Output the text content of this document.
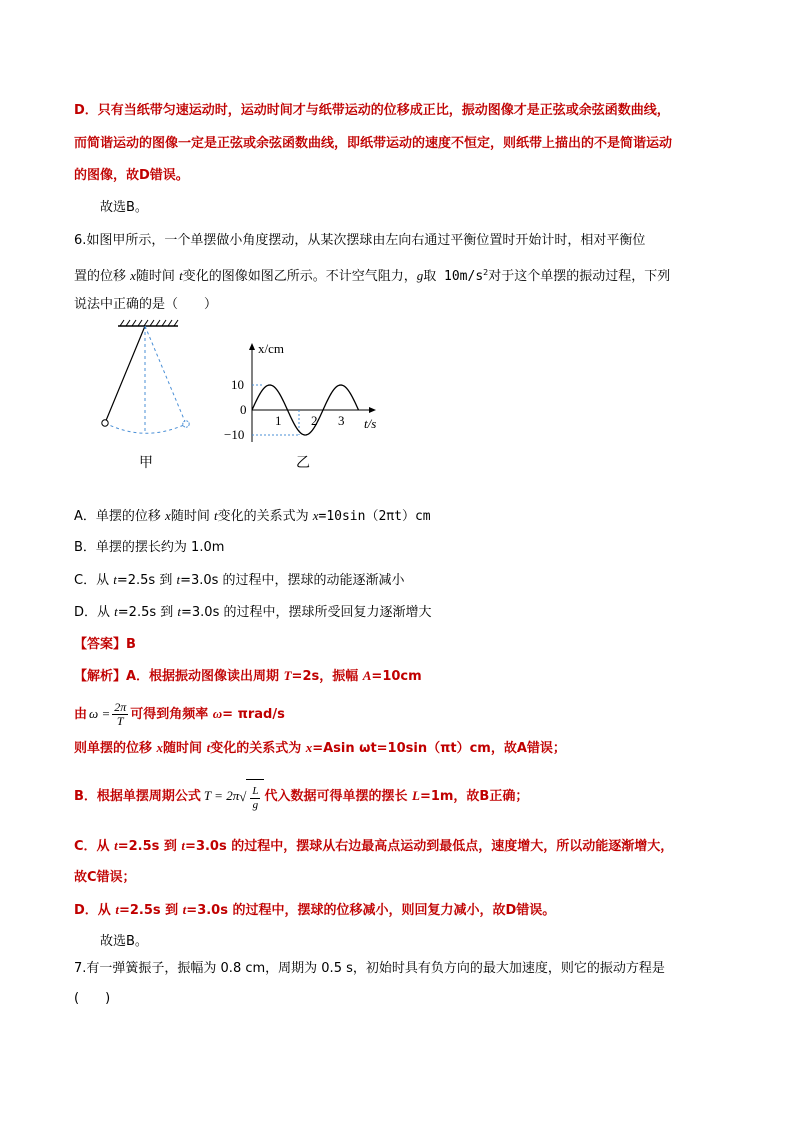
D．只有当纸带匀速运动时，运动时间才与纸带运动的位移成正比，振动图像才是正弦或余弦函数曲线，
而简谐运动的图像一定是正弦或余弦函数曲线，即纸带运动的速度不恒定，则纸带上描出的不是简谐运动
的图像，故D错误。
故选B。
6.如图甲所示，一个单摆做小角度摆动，从某次摆球由左向右通过平衡位置时开始计时，相对平衡位
置的位移 x随时间 t变化的图像如图乙所示。不计空气阻力，g取 $10m/s^2$对于这个单摆的振动过程，下列
说法中正确的是（　　）
甲
x/cm
10
0
−10
1 2 3 t/s
乙
A．单摆的位移 x随时间 t变化的关系式为 x=10sin（2πt）cm
B．单摆的摆长约为 1.0m
C．从 t=2.5s 到 t=3.0s 的过程中，摆球的动能逐渐减小
D．从 t=2.5s 到 t=3.0s 的过程中，摆球所受回复力逐渐增大
【答案】B
【解析】A．根据振动图像读出周期 T=2s，振幅 A=10cm
由 $\omega = \frac{2\pi}{T}$ 可得到角频率 ω= πrad/s
则单摆的位移 x随时间 t变化的关系式为 x=Asin ωt=10sin（πt）cm，故A错误；
B．根据单摆周期公式 $T = 2\pi√ \frac{L}{g}$ 代入数据可得单摆的摆长 L=1m，故B正确；
C．从 t=2.5s 到 t=3.0s 的过程中，摆球从右边最高点运动到最低点，速度增大，所以动能逐渐增大，
故C错误；
D．从 t=2.5s 到 t=3.0s 的过程中，摆球的位移减小，则回复力减小，故D错误。
故选B。
7.有一弹簧振子，振幅为 0.8 cm，周期为 0.5 s，初始时具有负方向的最大加速度，则它的振动方程是
(　　)
